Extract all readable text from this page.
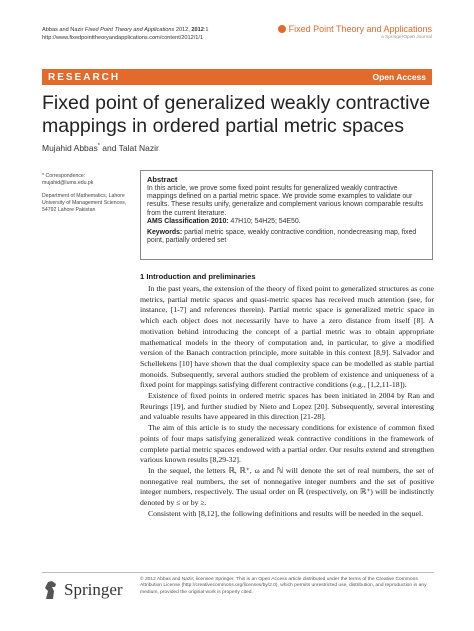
Abbas and Nazir Fixed Point Theory and Applications 2012, 2012:1
http://www.fixedpointtheoryandapplications.com/content/2012/1/1
Fixed Point Theory and Applications
a SpringerOpen Journal
RESEARCH	Open Access
Fixed point of generalized weakly contractive mappings in ordered partial metric spaces
Mujahid Abbas* and Talat Nazir
* Correspondence: mujahid@lums.edu.pk
Department of Mathematics, Lahore University of Management Sciences, 54792 Lahore Pakistan
Abstract

In this article, we prove some fixed point results for generalized weakly contractive mappings defined on a partial metric space. We provide some examples to validate our results. These results unify, generalize and complement various known comparable results from the current literature.

AMS Classification 2010: 47H10; 54H25; 54E50.

Keywords: partial metric space, weakly contractive condition, nondecreasing map, fixed point, partially ordered set

1 Introduction and preliminaries

In the past years, the extension of the theory of fixed point to generalized structures as cone metrics, partial metric spaces and quasi-metric spaces has received much attention (see, for instance, [1-7] and references therein). Partial metric space is generalized metric space in which each object does not necessarily have to have a zero distance from itself [8]. A motivation behind introducing the concept of a partial metric was to obtain appropriate mathematical models in the theory of computation and, in particular, to give a modified version of the Banach contraction principle, more suitable in this context [8,9]. Salvador and Schellekens [10] have shown that the dual complexity space can be modelled as stable partial monoids. Subsequently, several authors studied the problem of existence and uniqueness of a fixed point for mappings satisfying different contractive conditions (e.g., [1,2,11-18]).

Existence of fixed points in ordered metric spaces has been initiated in 2004 by Ran and Reurings [19], and further studied by Nieto and Lopez [20]. Subsequently, several interesting and valuable results have appeared in this direction [21-28].

The aim of this article is to study the necessary conditions for existence of common fixed points of four maps satisfying generalized weak contractive conditions in the framework of complete partial metric spaces endowed with a partial order. Our results extend and strengthen various known results [8,29-32].

In the sequel, the letters ℝ, ℝ⁺, ω and ℕ will denote the set of real numbers, the set of nonnegative real numbers, the set of nonnegative integer numbers and the set of positive integer numbers, respectively. The usual order on ℝ (respectively, on ℝ⁺) will be indistinctly denoted by ≤ or by ≥.

Consistent with [8,12], the following definitions and results will be needed in the sequel.

Springer
© 2012 Abbas and Nazir; licensee Springer. This is an Open Access article distributed under the terms of the Creative Commons Attribution License (http://creativecommons.org/licenses/by/2.0), which permits unrestricted use, distribution, and reproduction in any medium, provided the original work is properly cited.
